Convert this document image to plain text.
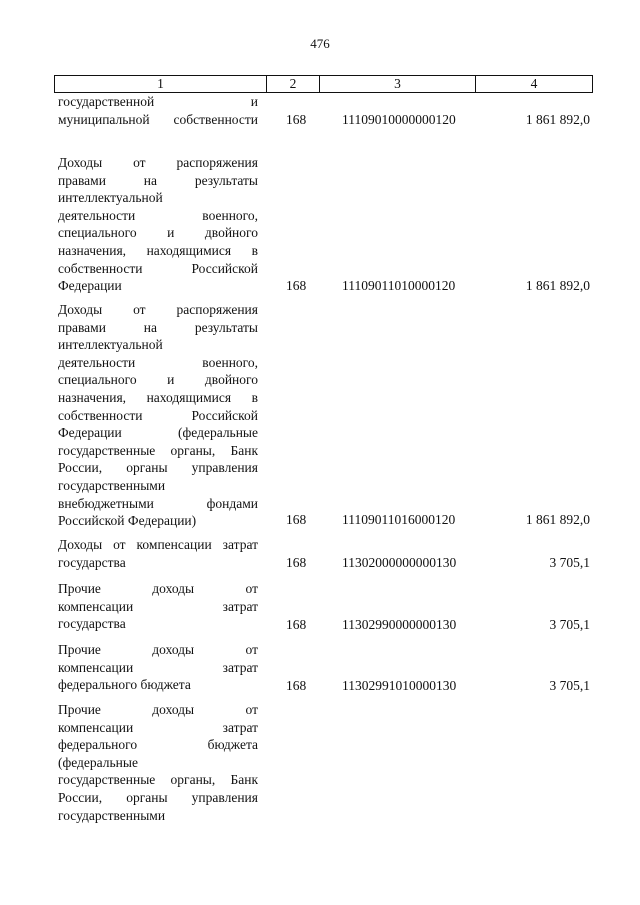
476
1	2	3	4
государственной и
муниципальной собственности 168	11109010000000120	1 861 892,0
Доходы от распоряжения
правами на результаты
интеллектуальной
деятельности военного,
специального и двойного
назначения, находящимися в
собственности Российской
Федерации	168	11109011010000120	1 861 892,0
Доходы от распоряжения
правами на результаты
интеллектуальной
деятельности военного,
специального и двойного
назначения, находящимися в
собственности Российской
Федерации (федеральные
государственные органы, Банк
России, органы управления
государственными
внебюджетными фондами
Российской Федерации)	168	11109011016000120	1 861 892,0
Доходы от компенсации затрат
государства	168	11302000000000130	3 705,1
Прочие доходы от
компенсации затрат
государства	168	11302990000000130	3 705,1
Прочие доходы от
компенсации затрат
федерального бюджета	168	11302991010000130	3 705,1
Прочие доходы от
компенсации затрат
федерального бюджета
(федеральные
государственные органы, Банк
России, органы управления
государственными
